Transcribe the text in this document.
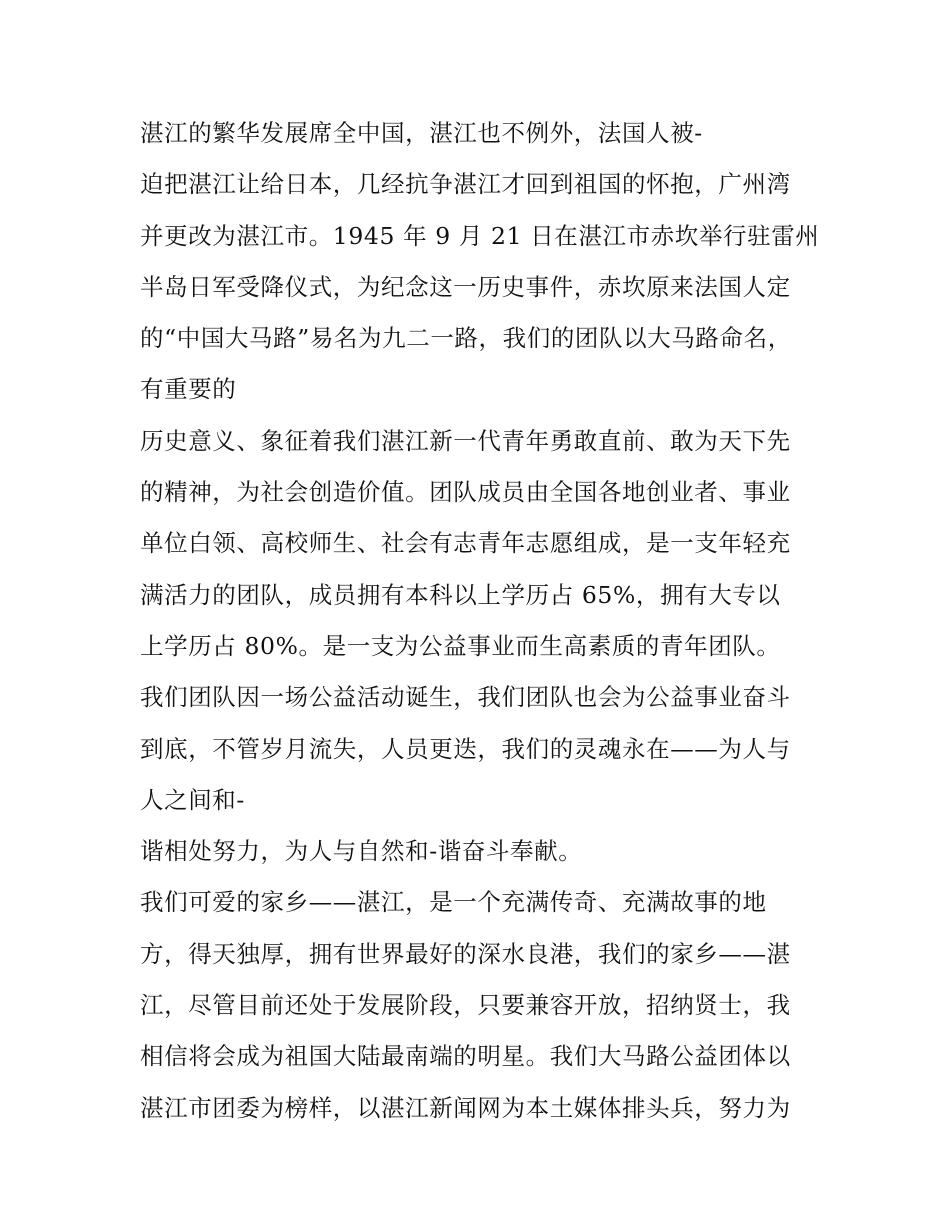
湛江的繁华发展席全中国，湛江也不例外，法国人被-
迫把湛江让给日本，几经抗争湛江才回到祖国的怀抱，广州湾
并更改为湛江市。1945 年 9 月 21 日在湛江市赤坎举行驻雷州
半岛日军受降仪式，为纪念这一历史事件，赤坎原来法国人定
的“中国大马路”易名为九二一路，我们的团队以大马路命名，
有重要的
历史意义、象征着我们湛江新一代青年勇敢直前、敢为天下先
的精神，为社会创造价值。团队成员由全国各地创业者、事业
单位白领、高校师生、社会有志青年志愿组成，是一支年轻充
满活力的团队，成员拥有本科以上学历占 65%，拥有大专以
上学历占 80%。是一支为公益事业而生高素质的青年团队。
我们团队因一场公益活动诞生，我们团队也会为公益事业奋斗
到底，不管岁月流失，人员更迭，我们的灵魂永在——为人与
人之间和-
谐相处努力，为人与自然和-谐奋斗奉献。
我们可爱的家乡——湛江，是一个充满传奇、充满故事的地
方，得天独厚，拥有世界最好的深水良港，我们的家乡——湛
江，尽管目前还处于发展阶段，只要兼容开放，招纳贤士，我
相信将会成为祖国大陆最南端的明星。我们大马路公益团体以
湛江市团委为榜样，以湛江新闻网为本土媒体排头兵，努力为
